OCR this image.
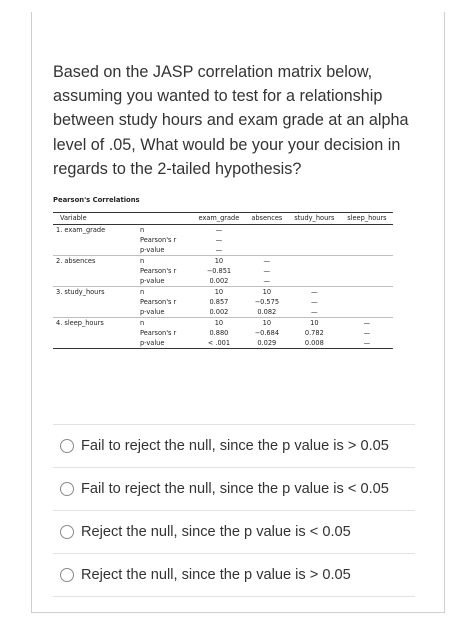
Based on the JASP correlation matrix below, assuming you wanted to test for a relationship between study hours and exam grade at an alpha level of .05, What would be your your decision in regards to the 2-tailed hypothesis?
Pearson's Correlations
Variable		exam_grade	absences	study_hours	sleep_hours
1. exam_grade	n	—			
	Pearson's r	—			
	p-value	—			
2. absences	n	10	—		
	Pearson's r	−0.851	—		
	p-value	0.002	—		
3. study_hours	n	10	10	—	
	Pearson's r	0.857	−0.575	—	
	p-value	0.002	0.082	—	
4. sleep_hours	n	10	10	10	—
	Pearson's r	0.880	−0.684	0.782	—
	p-value	< .001	0.029	0.008	—
Fail to reject the null, since the p value is > 0.05
Fail to reject the null, since the p value is < 0.05
Reject the null, since the p value is < 0.05
Reject the null, since the p value is > 0.05
